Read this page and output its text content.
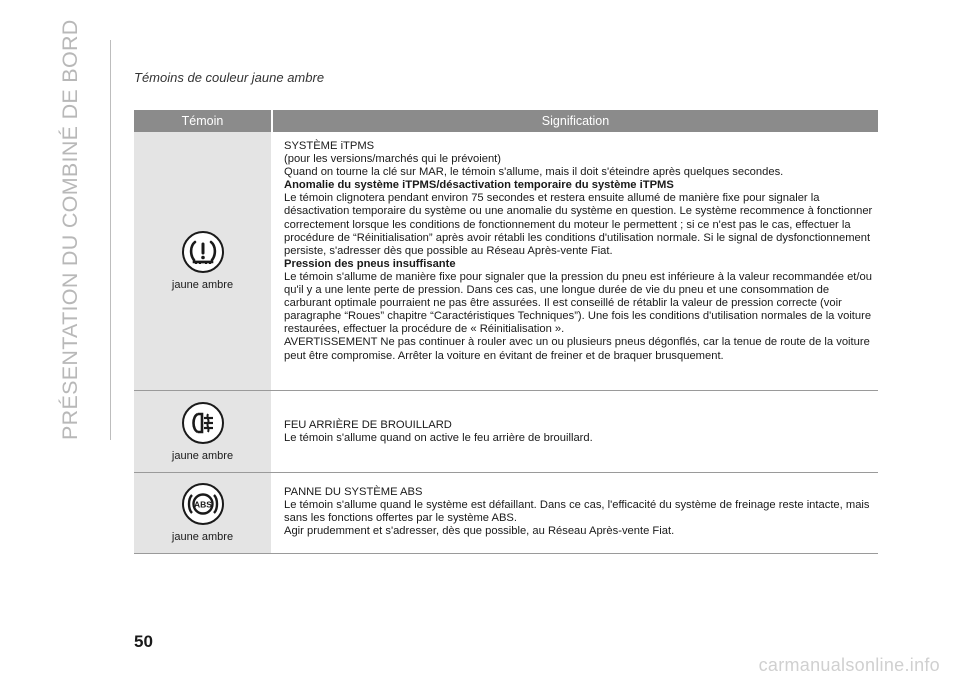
PRÉSENTATION DU COMBINÉ DE BORD	Témoins de couleur jaune ambre
Témoin	Signification
jaune ambre
SYSTÈME iTPMS
(pour les versions/marchés qui le prévoient)
Quand on tourne la clé sur MAR, le témoin s'allume, mais il doit s'éteindre après quelques secondes.
Anomalie du système iTPMS/désactivation temporaire du système iTPMS
Le témoin clignotera pendant environ 75 secondes et restera ensuite allumé de manière fixe pour signaler la désactivation temporaire du système ou une anomalie du système en question. Le système recommence à fonctionner correctement lorsque les conditions de fonctionnement du moteur le permettent ; si ce n'est pas le cas, effectuer la procédure de “Réinitialisation” après avoir rétabli les conditions d'utilisation normale. Si le signal de dysfonctionnement persiste, s'adresser dès que possible au Réseau Après-vente Fiat.
Pression des pneus insuffisante
Le témoin s'allume de manière fixe pour signaler que la pression du pneu est inférieure à la valeur recommandée et/ou qu'il y a une lente perte de pression. Dans ces cas, une longue durée de vie du pneu et une consommation de carburant optimale pourraient ne pas être assurées. Il est conseillé de rétablir la valeur de pression correcte (voir paragraphe “Roues” chapitre “Caractéristiques Techniques”). Une fois les conditions d'utilisation normales de la voiture restaurées, effectuer la procédure de « Réinitialisation ».
AVERTISSEMENT Ne pas continuer à rouler avec un ou plusieurs pneus dégonflés, car la tenue de route de la voiture peut être compromise. Arrêter la voiture en évitant de freiner et de braquer brusquement.
jaune ambre
FEU ARRIÈRE DE BROUILLARD
Le témoin s'allume quand on active le feu arrière de brouillard.
ABS
jaune ambre
PANNE DU SYSTÈME ABS
Le témoin s'allume quand le système est défaillant. Dans ce cas, l'efficacité du système de freinage reste intacte, mais sans les fonctions offertes par le système ABS.
Agir prudemment et s'adresser, dès que possible, au Réseau Après-vente Fiat.
50
carmanualsonline.info
